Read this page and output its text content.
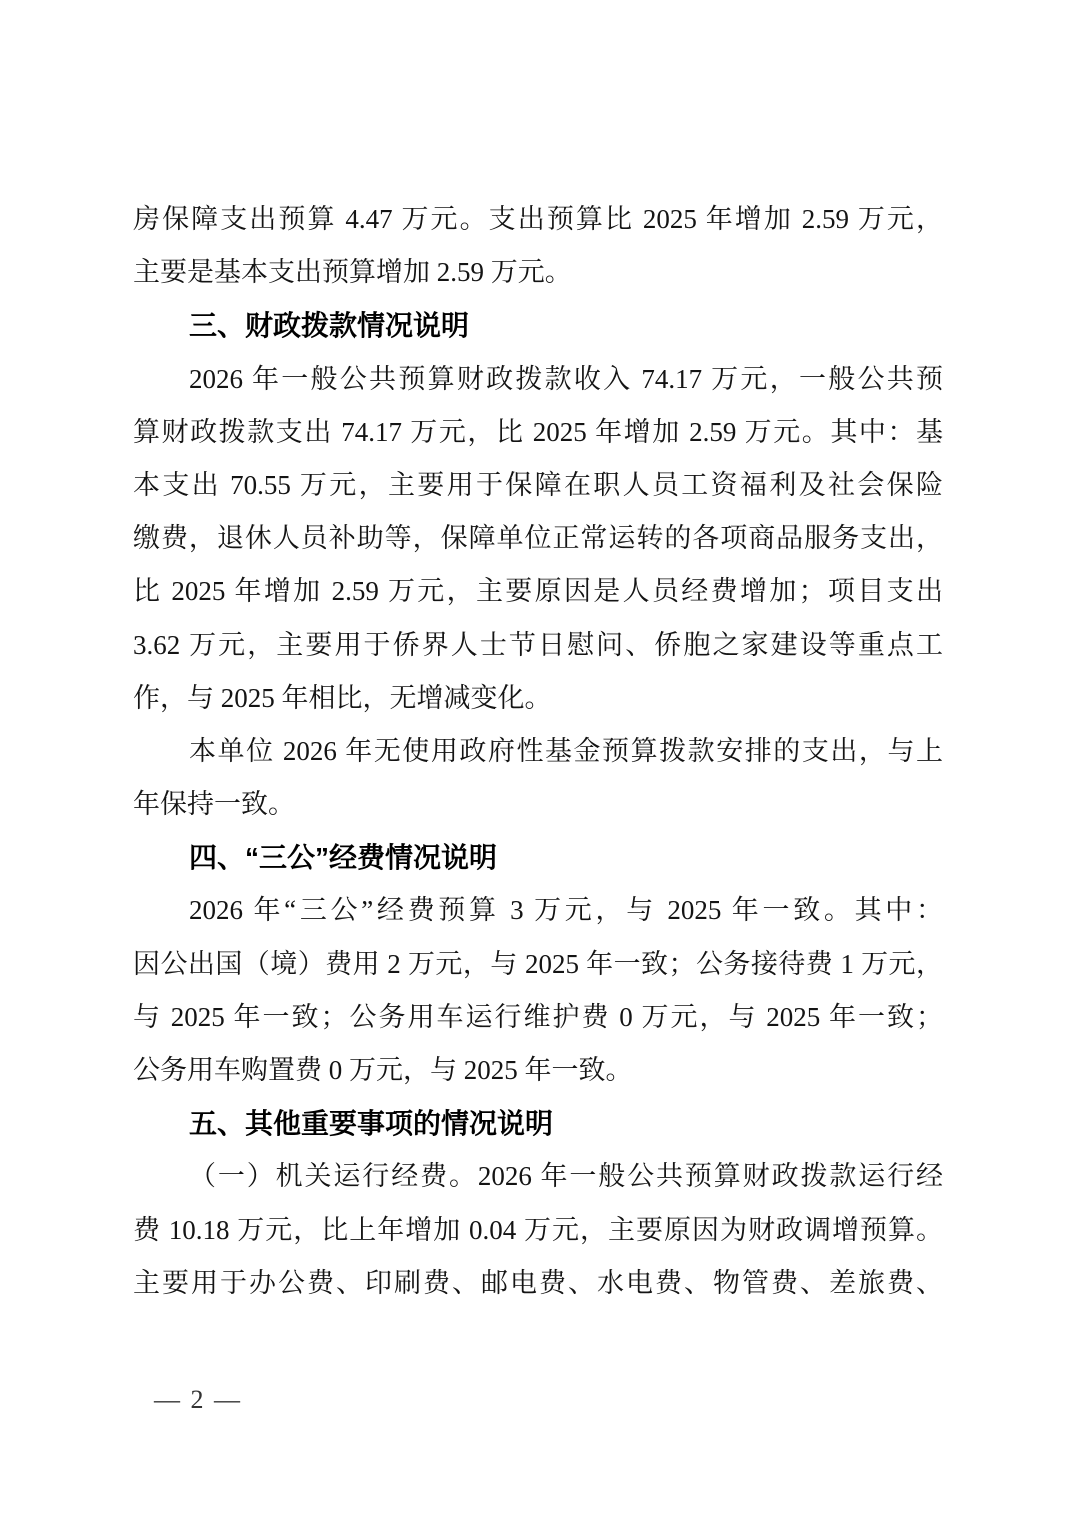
房保障支出预算 4.47 万元。支出预算比 2025 年增加 2.59 万元，
主要是基本支出预算增加 2.59 万元。
三、财政拨款情况说明
2026 年一般公共预算财政拨款收入 74.17 万元，一般公共预
算财政拨款支出 74.17 万元，比 2025 年增加 2.59 万元。其中：基
本支出 70.55 万元，主要用于保障在职人员工资福利及社会保险
缴费，退休人员补助等，保障单位正常运转的各项商品服务支出，
比 2025 年增加 2.59 万元，主要原因是人员经费增加；项目支出
3.62 万元，主要用于侨界人士节日慰问、侨胞之家建设等重点工
作，与 2025 年相比，无增减变化。
本单位 2026 年无使用政府性基金预算拨款安排的支出，与上
年保持一致。
四、“三公”经费情况说明
2026 年“三公”经费预算 3 万元，与 2025 年一致。其中：
因公出国（境）费用 2 万元，与 2025 年一致；公务接待费 1 万元，
与 2025 年一致；公务用车运行维护费 0 万元，与 2025 年一致；
公务用车购置费 0 万元，与 2025 年一致。
五、其他重要事项的情况说明
（一）机关运行经费。2026 年一般公共预算财政拨款运行经
费 10.18 万元，比上年增加 0.04 万元，主要原因为财政调增预算。
主要用于办公费、印刷费、邮电费、水电费、物管费、差旅费、
— 2 —
